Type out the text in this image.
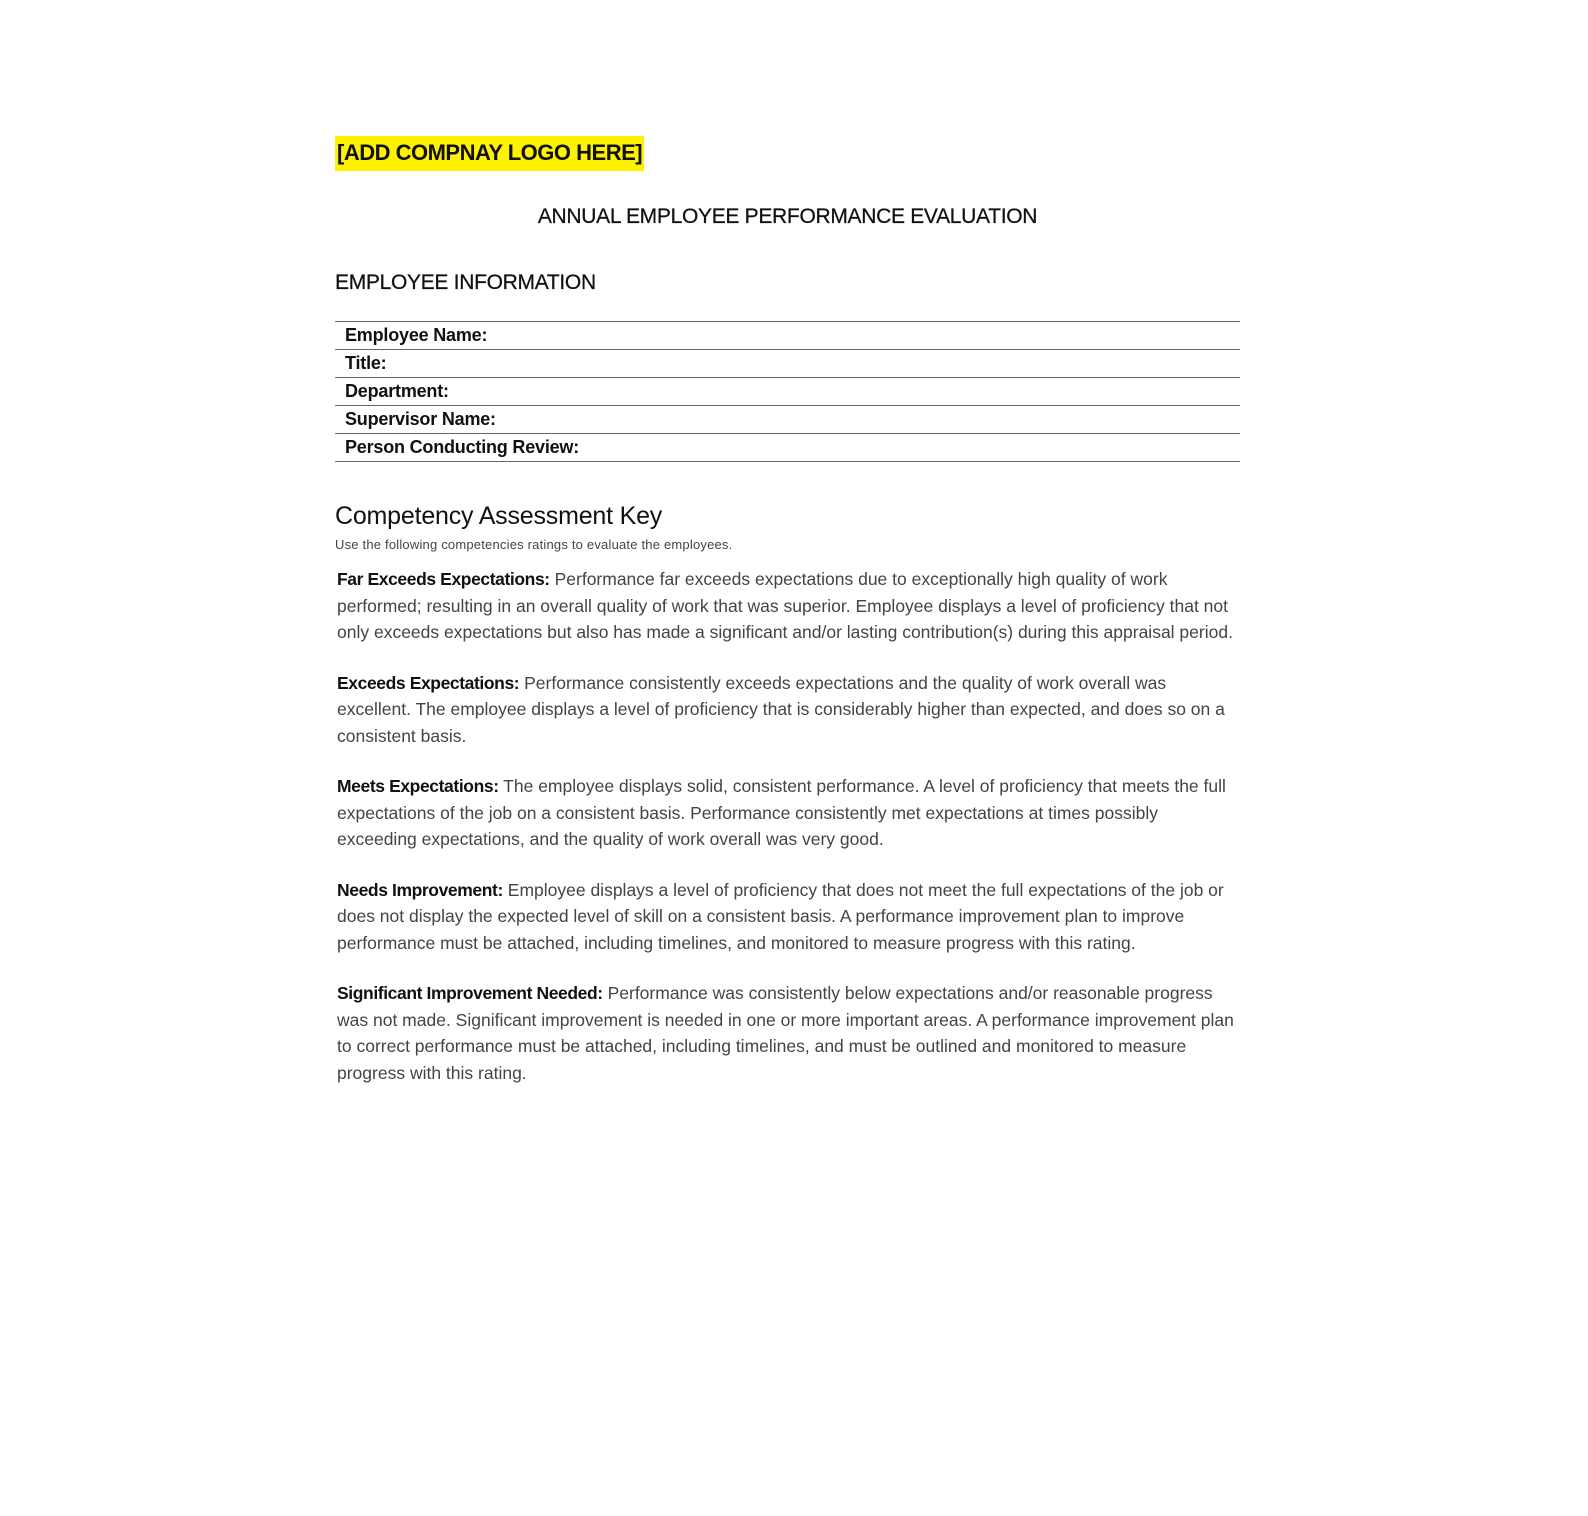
[ADD COMPNAY LOGO HERE]
ANNUAL EMPLOYEE PERFORMANCE EVALUATION
EMPLOYEE INFORMATION
Employee Name:
Title:
Department:
Supervisor Name:
Person Conducting Review:
Competency Assessment Key
Use the following competencies ratings to evaluate the employees.

Far Exceeds Expectations: Performance far exceeds expectations due to exceptionally high quality of work performed; resulting in an overall quality of work that was superior. Employee displays a level of proficiency that not only exceeds expectations but also has made a significant and/or lasting contribution(s) during this appraisal period.

Exceeds Expectations: Performance consistently exceeds expectations and the quality of work overall was excellent. The employee displays a level of proficiency that is considerably higher than expected, and does so on a consistent basis.

Meets Expectations: The employee displays solid, consistent performance. A level of proficiency that meets the full expectations of the job on a consistent basis. Performance consistently met expectations at times possibly exceeding expectations, and the quality of work overall was very good.

Needs Improvement: Employee displays a level of proficiency that does not meet the full expectations of the job or does not display the expected level of skill on a consistent basis. A performance improvement plan to improve performance must be attached, including timelines, and monitored to measure progress with this rating.

Significant Improvement Needed: Performance was consistently below expectations and/or reasonable progress was not made. Significant improvement is needed in one or more important areas. A performance improvement plan to correct performance must be attached, including timelines, and must be outlined and monitored to measure progress with this rating.
